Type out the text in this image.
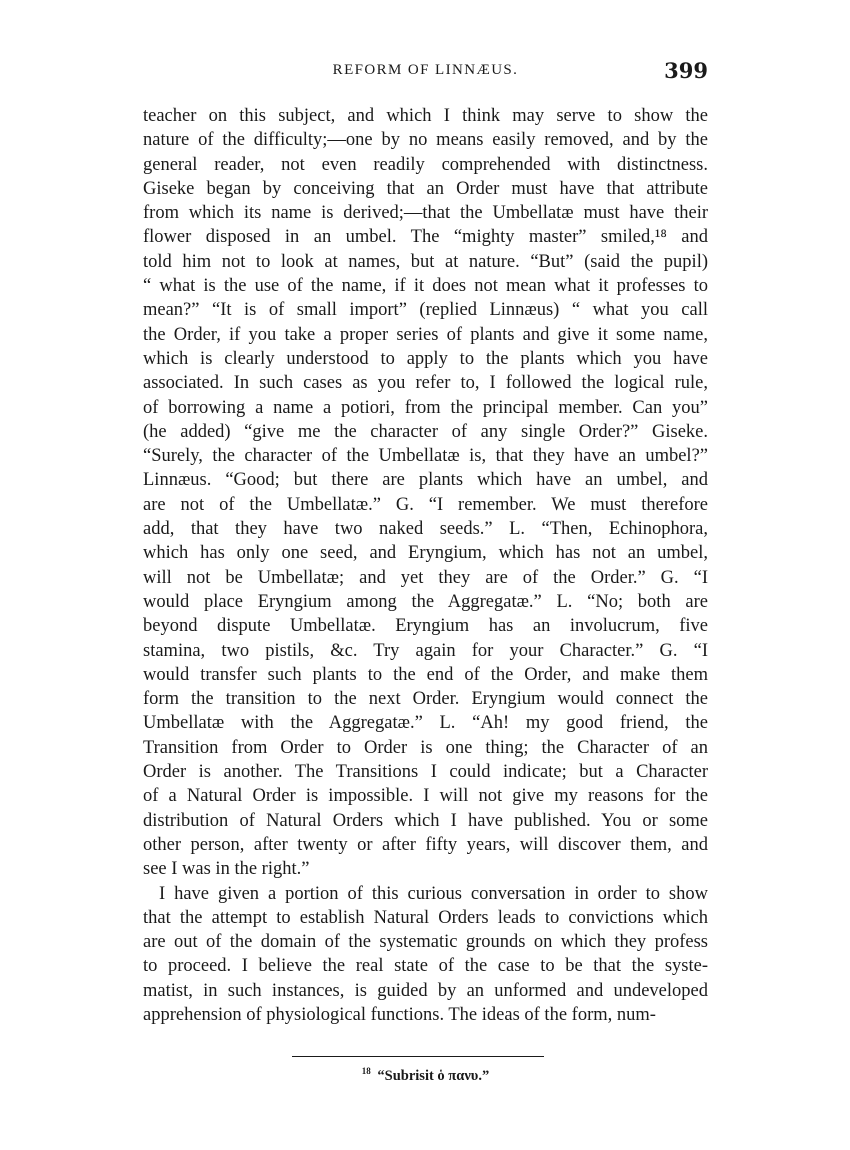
REFORM OF LINNÆUS.	399

teacher on this subject, and which I think may serve to show the

nature of the difficulty;—one by no means easily removed, and by the

general reader, not even readily comprehended with distinctness.

Giseke began by conceiving that an Order must have that attribute

from which its name is derived;—that the Umbellatæ must have their

flower disposed in an umbel. The “mighty master” smiled,¹⁸ and

told him not to look at names, but at nature. “But” (said the pupil)

“ what is the use of the name, if it does not mean what it professes to

mean?” “It is of small import” (replied Linnæus) “ what you call

the Order, if you take a proper series of plants and give it some name,

which is clearly understood to apply to the plants which you have

associated. In such cases as you refer to, I followed the logical rule,

of borrowing a name a potiori, from the principal member. Can you”

(he added) “give me the character of any single Order?” Giseke.

“Surely, the character of the Umbellatæ is, that they have an umbel?”

Linnæus. “Good; but there are plants which have an umbel, and

are not of the Umbellatæ.” G. “I remember. We must therefore

add, that they have two naked seeds.” L. “Then, Echinophora,

which has only one seed, and Eryngium, which has not an umbel,

will not be Umbellatæ; and yet they are of the Order.” G. “I

would place Eryngium among the Aggregatæ.” L. “No; both are

beyond dispute Umbellatæ. Eryngium has an involucrum, five

stamina, two pistils, &c. Try again for your Character.” G. “I

would transfer such plants to the end of the Order, and make them

form the transition to the next Order. Eryngium would connect the

Umbellatæ with the Aggregatæ.” L. “Ah! my good friend, the

Transition from Order to Order is one thing; the Character of an

Order is another. The Transitions I could indicate; but a Character

of a Natural Order is impossible. I will not give my reasons for the

distribution of Natural Orders which I have published. You or some

other person, after twenty or after fifty years, will discover them, and

see I was in the right.”

I have given a portion of this curious conversation in order to show

that the attempt to establish Natural Orders leads to convictions which

are out of the domain of the systematic grounds on which they profess

to proceed. I believe the real state of the case to be that the syste-

matist, in such instances, is guided by an unformed and undeveloped

apprehension of physiological functions. The ideas of the form, num-

$^{18}$ “Subrisit ὁ πανυ.”
